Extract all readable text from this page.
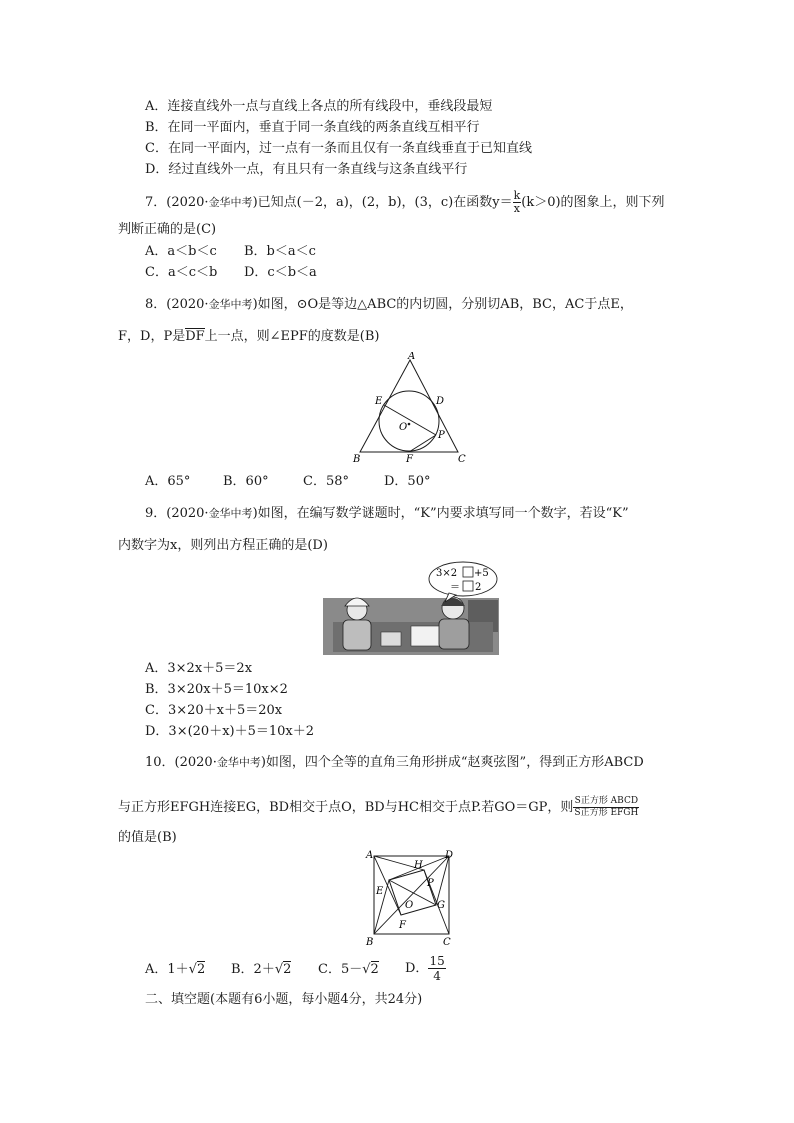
A．连接直线外一点与直线上各点的所有线段中，垂线段最短
B．在同一平面内，垂直于同一条直线的两条直线互相平行
C．在同一平面内，过一点有一条而且仅有一条直线垂直于已知直线
D．经过直线外一点，有且只有一条直线与这条直线平行
7．(2020·金华中考)已知点(－2，a)，(2，b)，(3，c)在函数$y= \frac{k}{x} (k>0)$的图象上，则下列
判断正确的是(C)
A．a＜b＜c B．b＜a＜c
C．a＜c＜b D．c＜b＜a
8．(2020·金华中考)如图，⊙O是等边△ABC的内切圆，分别切AB，BC，AC于点E，
F，D，P是DF上一点，则∠EPF的度数是(B)
A
B	C
D
E
F
O
P
A．65°	B．60°	C．58°	D．50°
9．(2020·金华中考)如图，在编写数学谜题时，“K”内要求填写同一个数字，若设“K”
内数字为x，则列出方程正确的是(D)
3×2 +5
＝ 2
A．3×2x＋5＝2x
B．3×20x＋5＝10x×2
C．3×20＋x＋5＝20x
D．3×(20＋x)＋5＝10x＋2
10．(2020·金华中考)如图，四个全等的直角三角形拼成“赵爽弦图”，得到正方形ABCD
与正方形EFGH连接EG，BD相交于点O，BD与HC相交于点P.若GO＝GP，则 $\frac{\text{S正方形 ABCD}}{\text{S正方形 EFGH}}$
的值是(B)
A
B	C
D
E
F
G
H
O
P
A．1＋√2 B．2＋√2 C．5－√2 D． $\frac{15}{4}$
二、填空题(本题有6小题，每小题4分，共24分)
